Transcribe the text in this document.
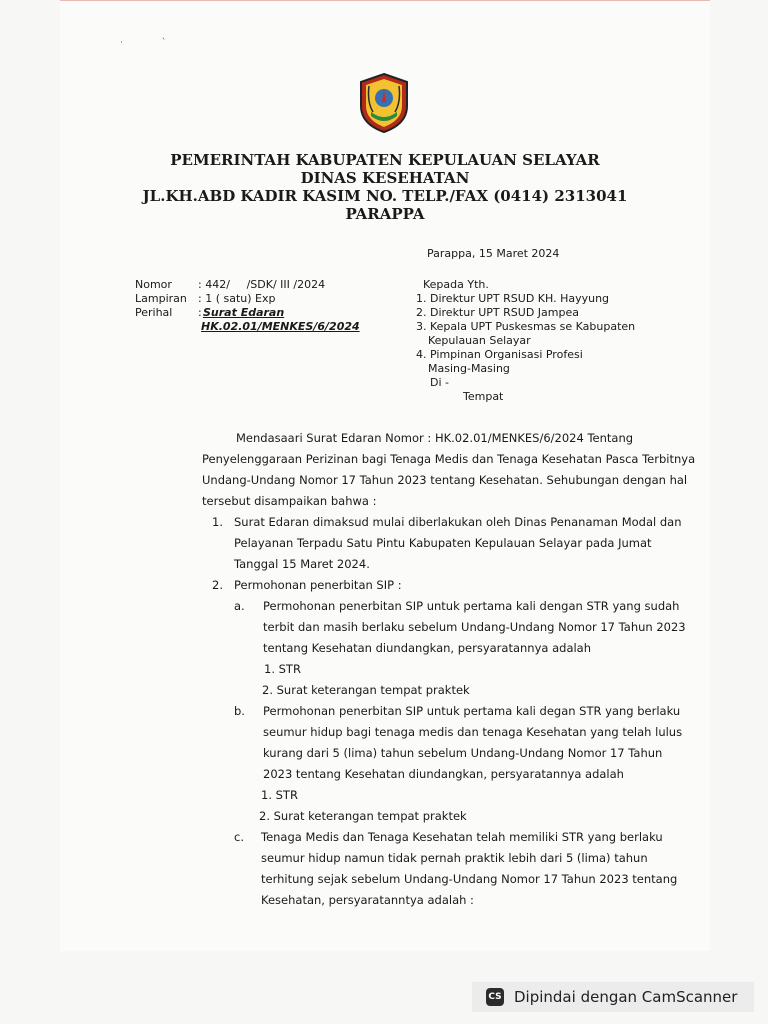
· ˋ
PEMERINTAH KABUPATEN KEPULAUAN SELAYAR
DINAS KESEHATAN
JL.KH.ABD KADIR KASIM NO. TELP./FAX (0414) 2313041
PARAPPA
Parappa, 15 Maret 2024
Nomor : 442/       /SDK/ III /2024
Lampiran : 1 ( satu) Exp
Perihal : Surat Edaran
HK.02.01/MENKES/6/2024
Kepada Yth.
1. Direktur UPT RSUD KH. Hayyung
2. Direktur UPT RSUD Jampea
3. Kepala UPT Puskesmas se Kabupaten
Kepulauan Selayar
4. Pimpinan Organisasi Profesi
Masing-Masing
Di -
Tempat
Mendasaari Surat Edaran Nomor : HK.02.01/MENKES/6/2024 Tentang
Penyelenggaraan Perizinan bagi Tenaga Medis dan Tenaga Kesehatan Pasca Terbitnya
Undang-Undang Nomor 17 Tahun 2023 tentang Kesehatan. Sehubungan dengan hal
tersebut disampaikan bahwa :
1. Surat Edaran dimaksud mulai diberlakukan oleh Dinas Penanaman Modal dan
Pelayanan Terpadu Satu Pintu Kabupaten Kepulauan Selayar pada Jumat
Tanggal 15 Maret 2024.
2. Permohonan penerbitan SIP :
a. Permohonan penerbitan SIP untuk pertama kali dengan STR yang sudah
terbit dan masih berlaku sebelum Undang-Undang Nomor 17 Tahun 2023
tentang Kesehatan diundangkan, persyaratannya adalah
1. STR
2. Surat keterangan tempat praktek
b. Permohonan penerbitan SIP untuk pertama kali degan STR yang berlaku
seumur hidup bagi tenaga medis dan tenaga Kesehatan yang telah lulus
kurang dari 5 (lima) tahun sebelum Undang-Undang Nomor 17 Tahun
2023 tentang Kesehatan diundangkan, persyaratannya adalah
1. STR
2. Surat keterangan tempat praktek
c. Tenaga Medis dan Tenaga Kesehatan telah memiliki STR yang berlaku
seumur hidup namun tidak pernah praktik lebih dari 5 (lima) tahun
terhitung sejak sebelum Undang-Undang Nomor 17 Tahun 2023 tentang
Kesehatan, persyaratanntya adalah :
CS Dipindai dengan CamScanner
